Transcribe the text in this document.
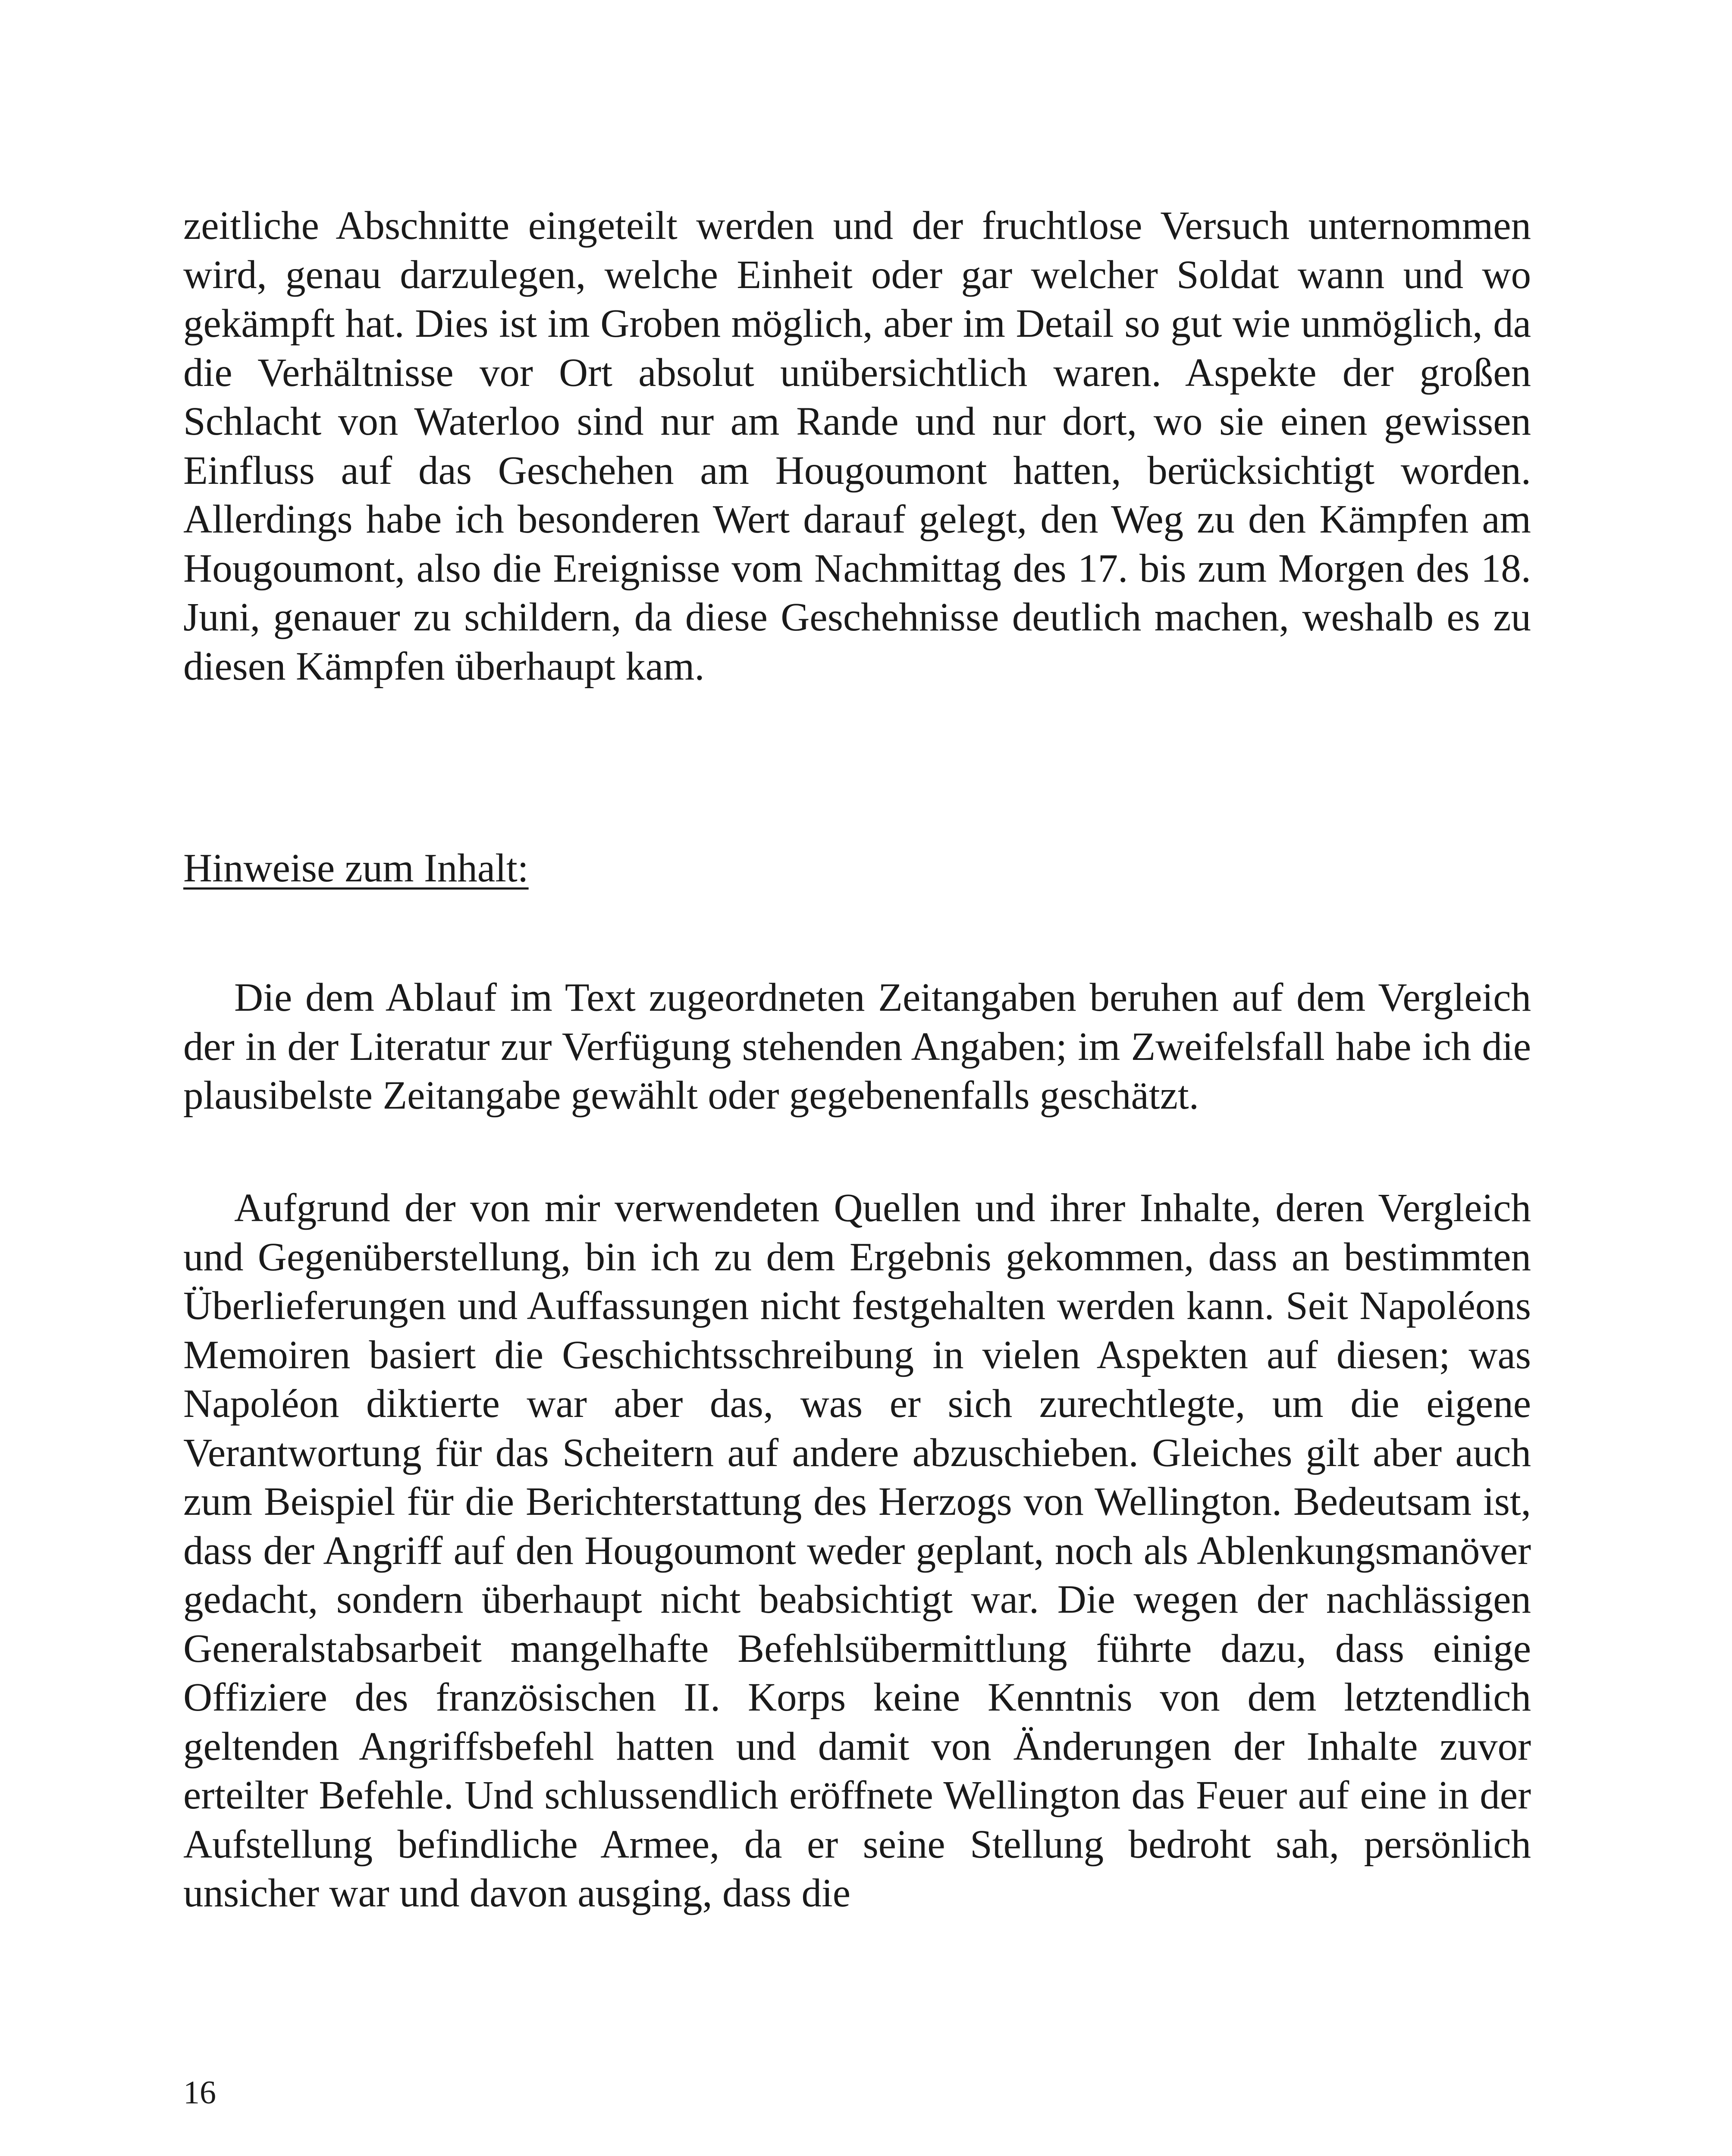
zeitliche Abschnitte eingeteilt werden und der fruchtlose Versuch unternommen wird, genau darzulegen, welche Einheit oder gar welcher Soldat wann und wo gekämpft hat. Dies ist im Groben möglich, aber im Detail so gut wie unmöglich, da die Verhältnisse vor Ort absolut unübersichtlich waren. Aspekte der großen Schlacht von Waterloo sind nur am Rande und nur dort, wo sie einen gewissen Einfluss auf das Geschehen am Hougoumont hatten, berücksichtigt worden. Allerdings habe ich besonderen Wert darauf gelegt, den Weg zu den Kämpfen am Hougoumont, also die Ereignisse vom Nachmittag des 17. bis zum Morgen des 18. Juni, genauer zu schildern, da diese Geschehnisse deutlich machen, weshalb es zu diesen Kämpfen überhaupt kam.

Hinweise zum Inhalt:

Die dem Ablauf im Text zugeordneten Zeitangaben beruhen auf dem Vergleich der in der Literatur zur Verfügung stehenden Angaben; im Zweifelsfall habe ich die plausibelste Zeitangabe gewählt oder gegebenenfalls geschätzt.

Aufgrund der von mir verwendeten Quellen und ihrer Inhalte, deren Vergleich und Gegenüberstellung, bin ich zu dem Ergebnis gekommen, dass an bestimmten Überlieferungen und Auffassungen nicht festgehalten werden kann. Seit Napoléons Memoiren basiert die Geschichtsschreibung in vielen Aspekten auf diesen; was Napoléon diktierte war aber das, was er sich zurechtlegte, um die eigene Verantwortung für das Scheitern auf andere abzuschieben. Gleiches gilt aber auch zum Beispiel für die Berichterstattung des Herzogs von Wellington. Bedeutsam ist, dass der Angriff auf den Hougoumont weder geplant, noch als Ablenkungsmanöver gedacht, sondern überhaupt nicht beabsichtigt war. Die wegen der nachlässigen Generalstabsarbeit mangelhafte Befehlsübermittlung führte dazu, dass einige Offiziere des französischen II. Korps keine Kenntnis von dem letztendlich geltenden Angriffsbefehl hatten und damit von Änderungen der Inhalte zuvor erteilter Befehle. Und schlussendlich eröffnete Wellington das Feuer auf eine in der Aufstellung befindliche Armee, da er seine Stellung bedroht sah, persönlich unsicher war und davon ausging, dass die

16
